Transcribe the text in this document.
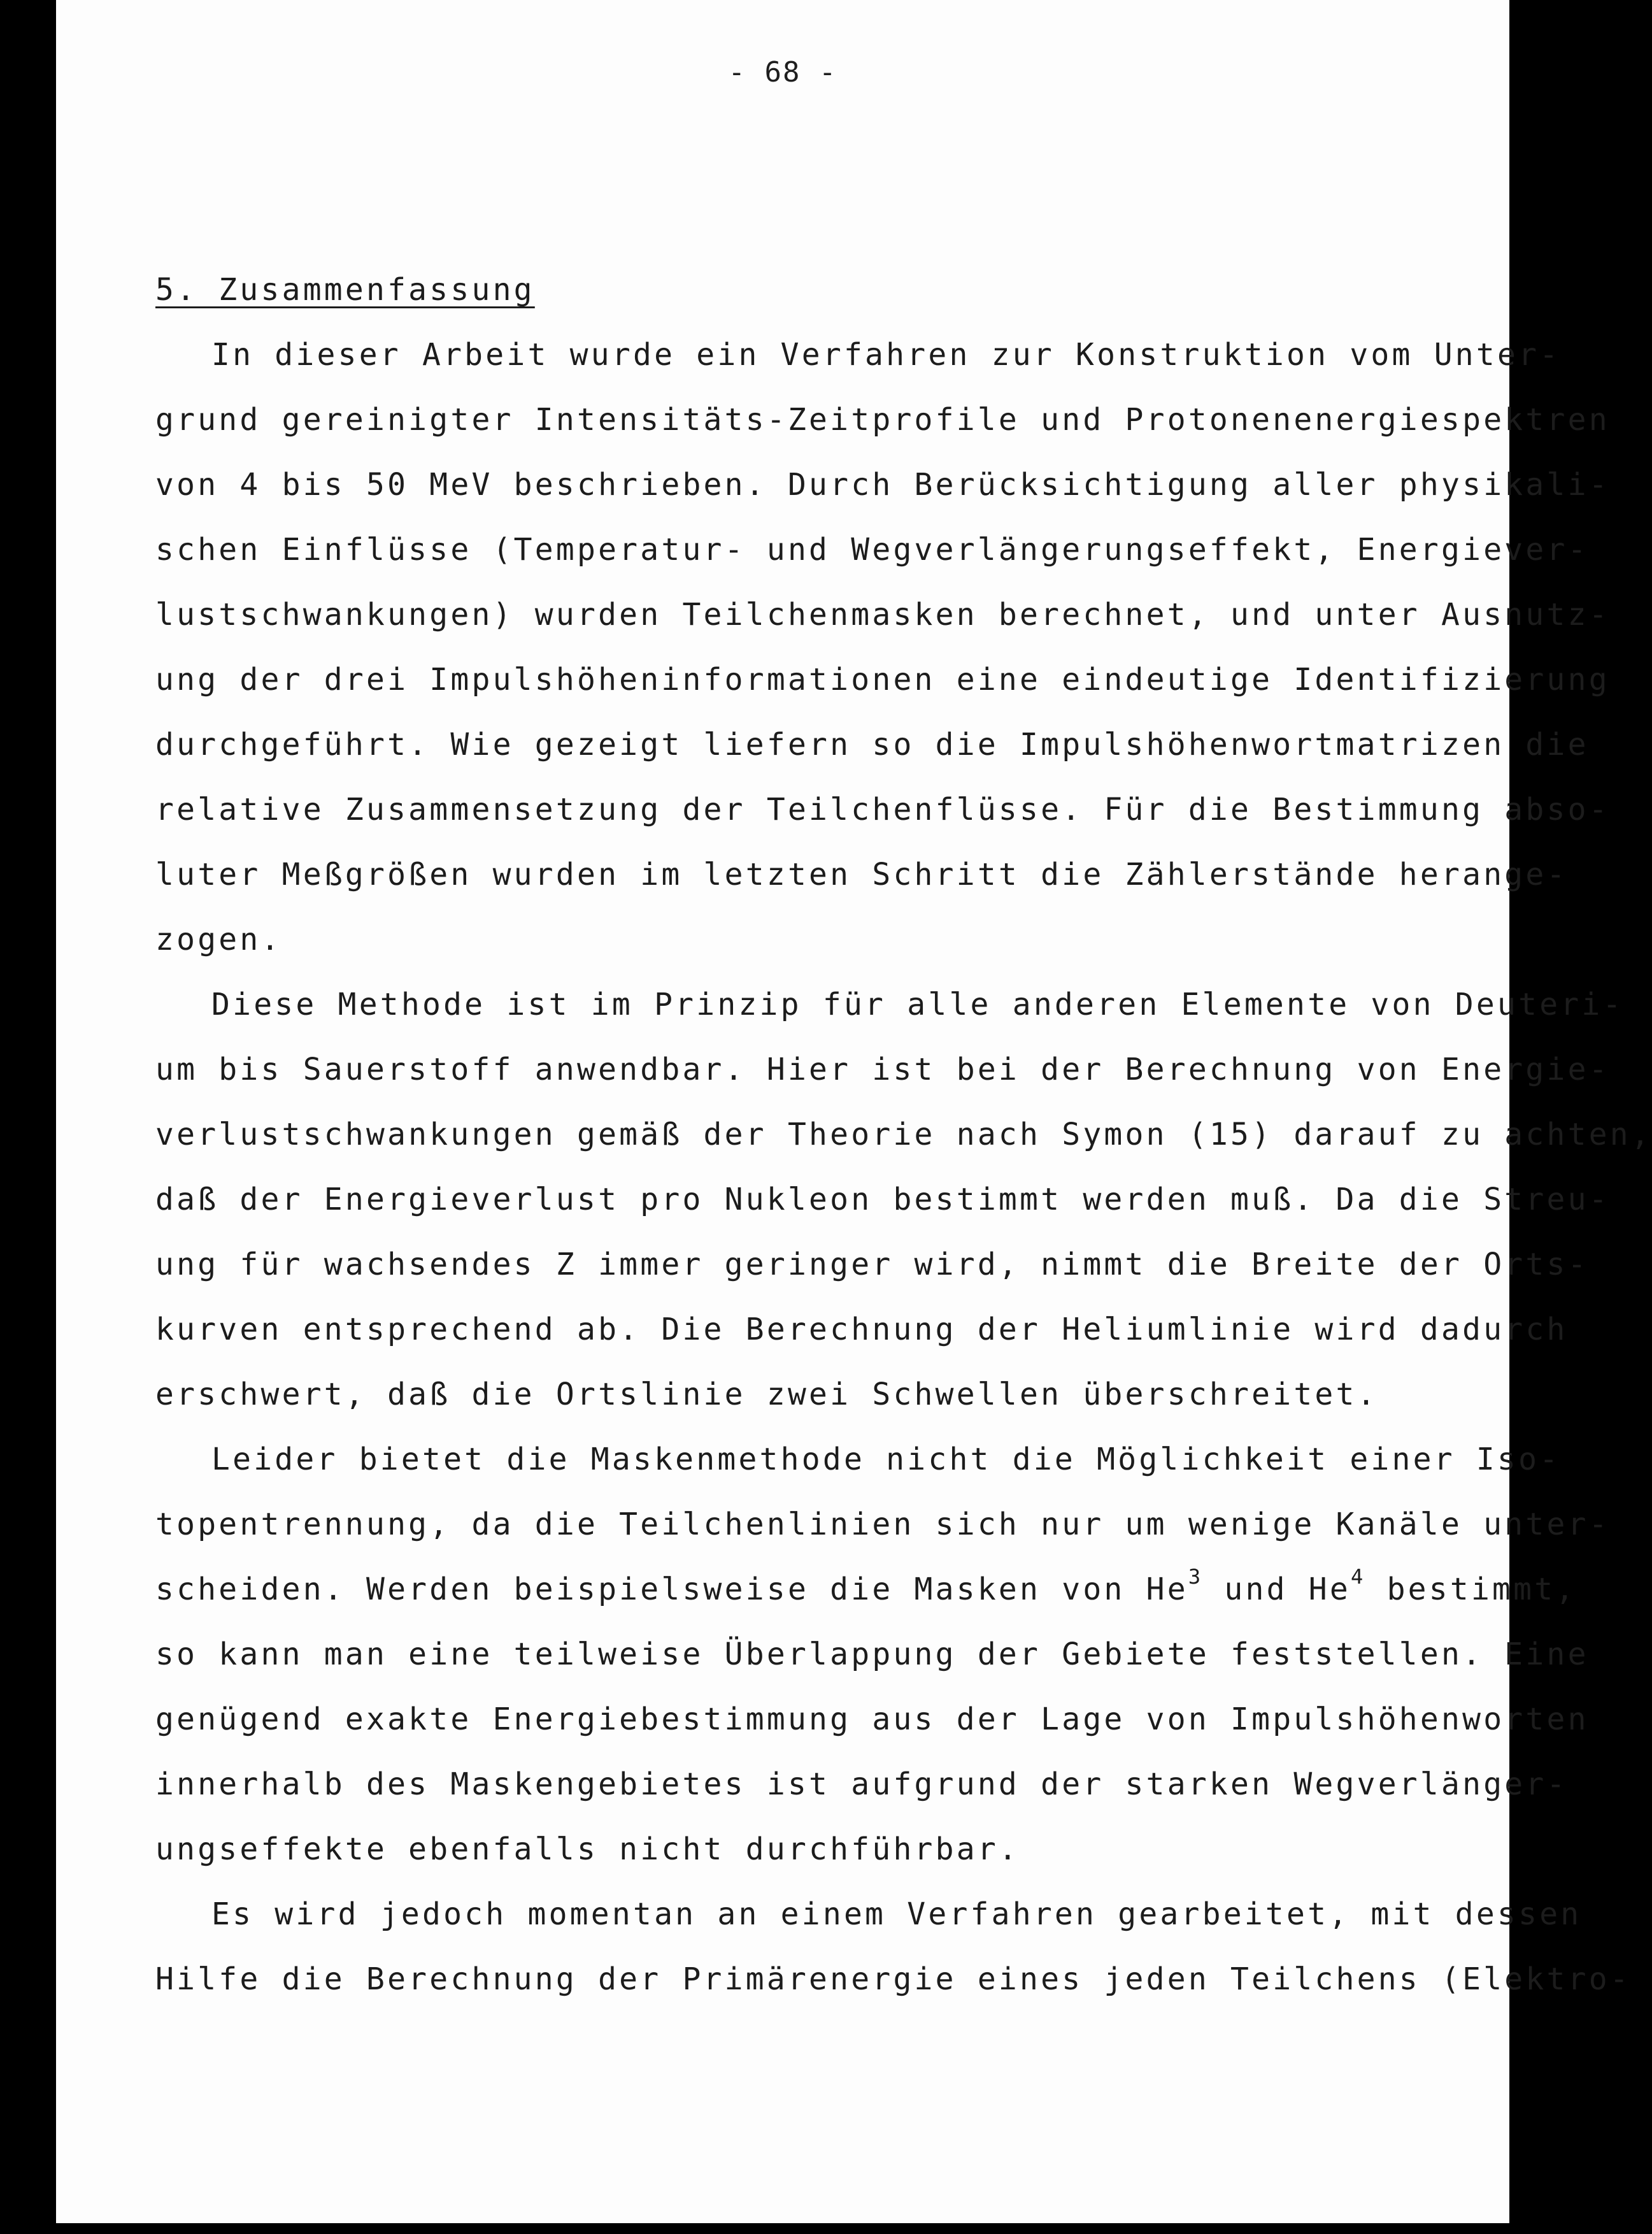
- 68 -
5. Zusammenfassung
In dieser Arbeit wurde ein Verfahren zur Konstruktion vom Unter-
grund gereinigter Intensitäts-Zeitprofile und Protonenenergiespektren
von 4 bis 50 MeV beschrieben. Durch Berücksichtigung aller physikali-
schen Einflüsse (Temperatur- und Wegverlängerungseffekt, Energiever-
lustschwankungen) wurden Teilchenmasken berechnet, und unter Ausnutz-
ung der drei Impulshöheninformationen eine eindeutige Identifizierung
durchgeführt. Wie gezeigt liefern so die Impulshöhenwortmatrizen die
relative Zusammensetzung der Teilchenflüsse. Für die Bestimmung abso-
luter Meßgrößen wurden im letzten Schritt die Zählerstände herange-
zogen.
Diese Methode ist im Prinzip für alle anderen Elemente von Deuteri-
um bis Sauerstoff anwendbar. Hier ist bei der Berechnung von Energie-
verlustschwankungen gemäß der Theorie nach Symon (15) darauf zu achten,
daß der Energieverlust pro Nukleon bestimmt werden muß. Da die Streu-
ung für wachsendes Z immer geringer wird, nimmt die Breite der Orts-
kurven entsprechend ab. Die Berechnung der Heliumlinie wird dadurch
erschwert, daß die Ortslinie zwei Schwellen überschreitet.
Leider bietet die Maskenmethode nicht die Möglichkeit einer Iso-
topentrennung, da die Teilchenlinien sich nur um wenige Kanäle unter-
scheiden. Werden beispielsweise die Masken von He$^3$ und He$^4$ bestimmt,
so kann man eine teilweise Überlappung der Gebiete feststellen. Eine
genügend exakte Energiebestimmung aus der Lage von Impulshöhenworten
innerhalb des Maskengebietes ist aufgrund der starken Wegverlänger-
ungseffekte ebenfalls nicht durchführbar.
Es wird jedoch momentan an einem Verfahren gearbeitet, mit dessen
Hilfe die Berechnung der Primärenergie eines jeden Teilchens (Elektro-
